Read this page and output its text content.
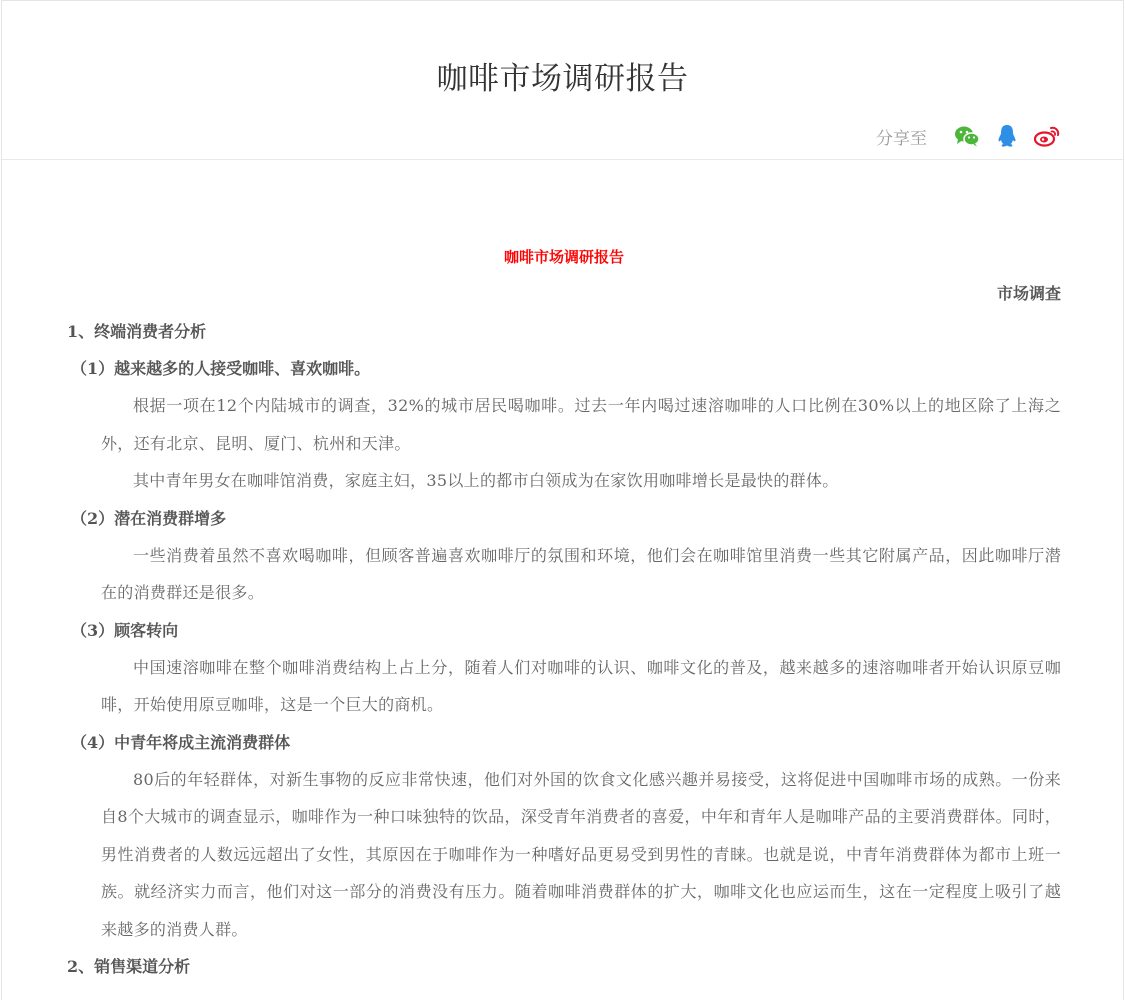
咖啡市场调研报告
分享至
咖啡市场调研报告
市场调查
1、终端消费者分析
（1）越来越多的人接受咖啡、喜欢咖啡。

根据一项在12个内陆城市的调查，32%的城市居民喝咖啡。过去一年内喝过速溶咖啡的人口比例在30%以上的地区除了上海之外，还有北京、昆明、厦门、杭州和天津。

其中青年男女在咖啡馆消费，家庭主妇，35以上的都市白领成为在家饮用咖啡增长是最快的群体。

（2）潜在消费群增多

一些消费着虽然不喜欢喝咖啡，但顾客普遍喜欢咖啡厅的氛围和环境，他们会在咖啡馆里消费一些其它附属产品，因此咖啡厅潜在的消费群还是很多。

（3）顾客转向

中国速溶咖啡在整个咖啡消费结构上占上分，随着人们对咖啡的认识、咖啡文化的普及，越来越多的速溶咖啡者开始认识原豆咖啡，开始使用原豆咖啡，这是一个巨大的商机。

（4）中青年将成主流消费群体

80后的年轻群体，对新生事物的反应非常快速，他们对外国的饮食文化感兴趣并易接受，这将促进中国咖啡市场的成熟。一份来自8个大城市的调查显示，咖啡作为一种口味独特的饮品，深受青年消费者的喜爱，中年和青年人是咖啡产品的主要消费群体。同时，男性消费者的人数远远超出了女性，其原因在于咖啡作为一种嗜好品更易受到男性的青睐。也就是说，中青年消费群体为都市上班一族。就经济实力而言，他们对这一部分的消费没有压力。随着咖啡消费群体的扩大，咖啡文化也应运而生，这在一定程度上吸引了越来越多的消费人群。

2、销售渠道分析
